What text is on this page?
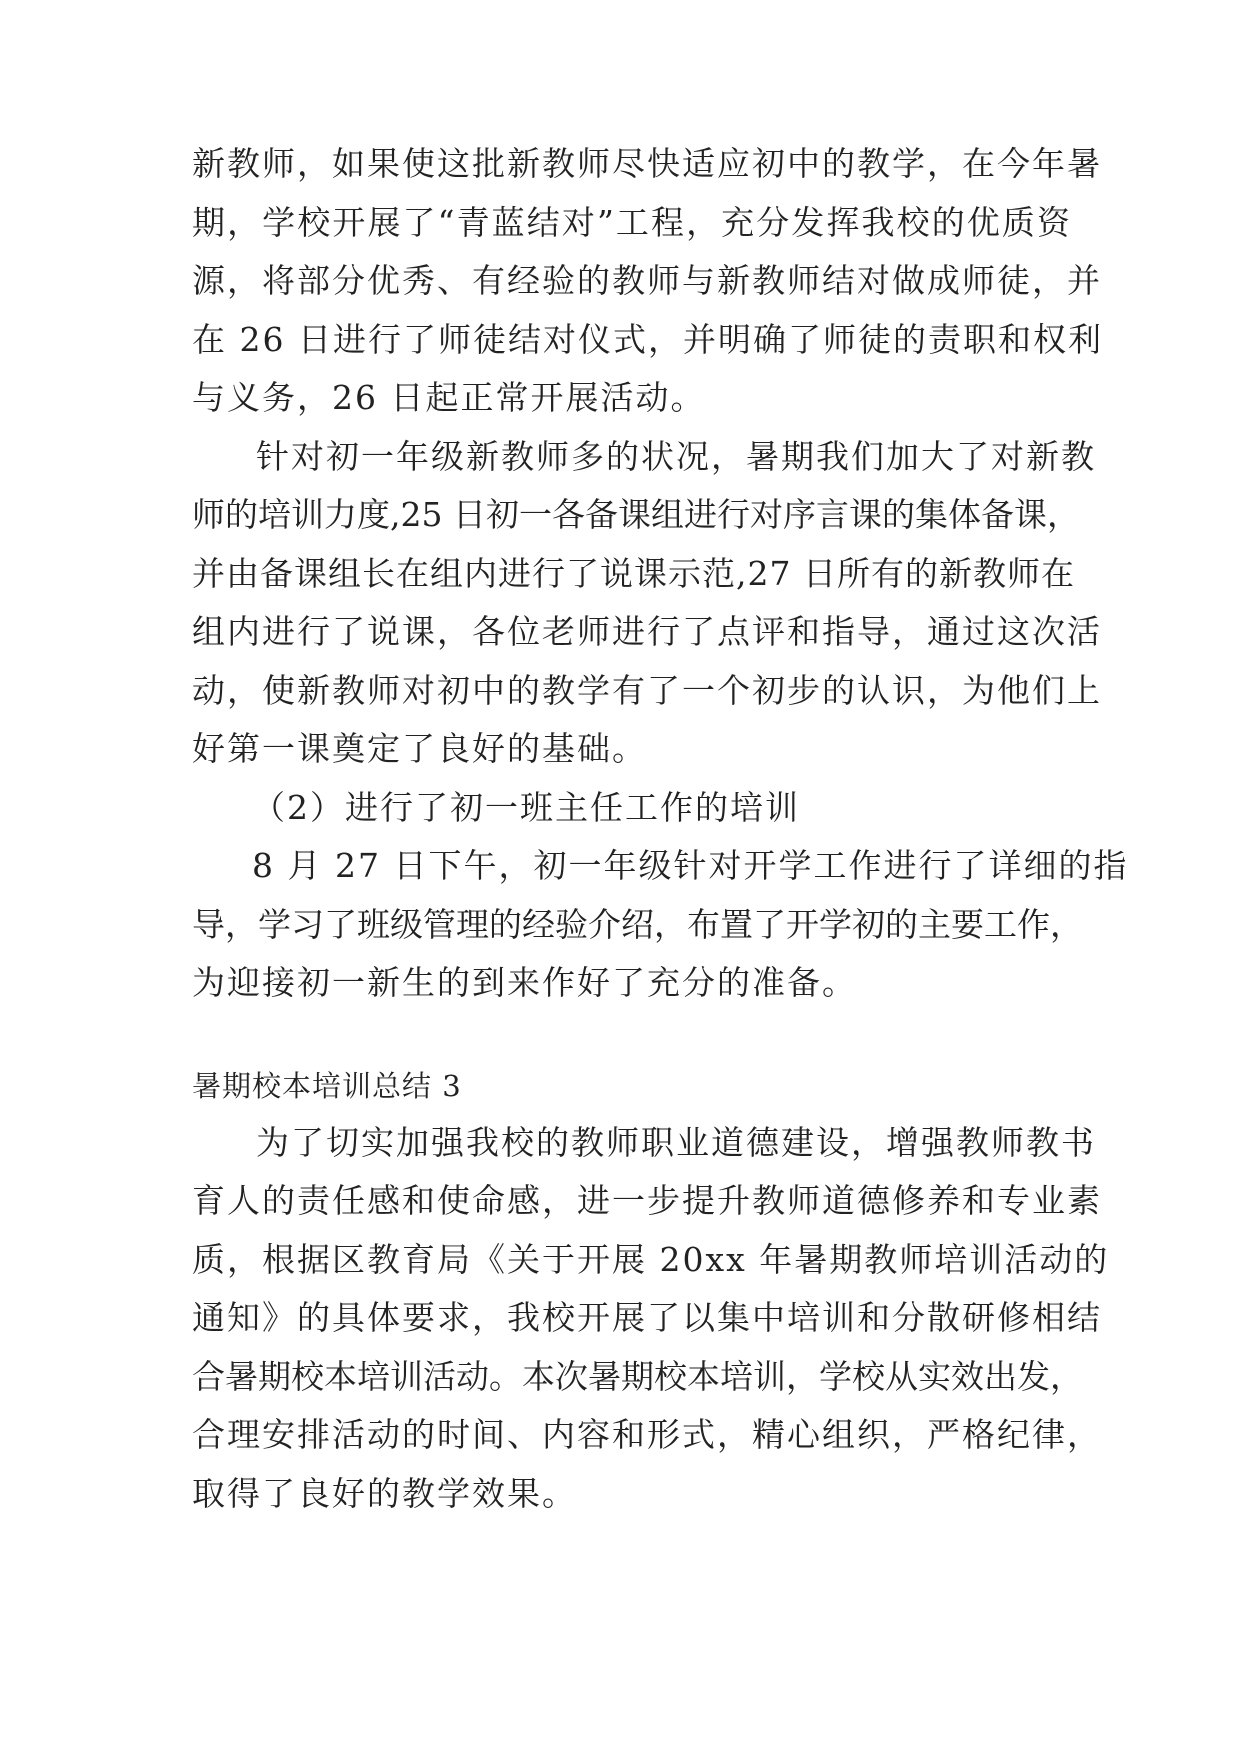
新教师，如果使这批新教师尽快适应初中的教学，在今年暑
期，学校开展了“青蓝结对”工程，充分发挥我校的优质资
源，将部分优秀、有经验的教师与新教师结对做成师徒，并
在 26 日进行了师徒结对仪式，并明确了师徒的责职和权利
与义务，26 日起正常开展活动。
针对初一年级新教师多的状况，暑期我们加大了对新教
师的培训力度,25 日初一各备课组进行对序言课的集体备课，
并由备课组长在组内进行了说课示范,27 日所有的新教师在
组内进行了说课，各位老师进行了点评和指导，通过这次活
动，使新教师对初中的教学有了一个初步的认识，为他们上
好第一课奠定了良好的基础。
（2）进行了初一班主任工作的培训
8 月 27 日下午，初一年级针对开学工作进行了详细的指
导，学习了班级管理的经验介绍，布置了开学初的主要工作，
为迎接初一新生的到来作好了充分的准备。
暑期校本培训总结 3
为了切实加强我校的教师职业道德建设，增强教师教书
育人的责任感和使命感，进一步提升教师道德修养和专业素
质，根据区教育局《关于开展 20xx 年暑期教师培训活动的
通知》的具体要求，我校开展了以集中培训和分散研修相结
合暑期校本培训活动。本次暑期校本培训，学校从实效出发，
合理安排活动的时间、内容和形式，精心组织，严格纪律，
取得了良好的教学效果。
